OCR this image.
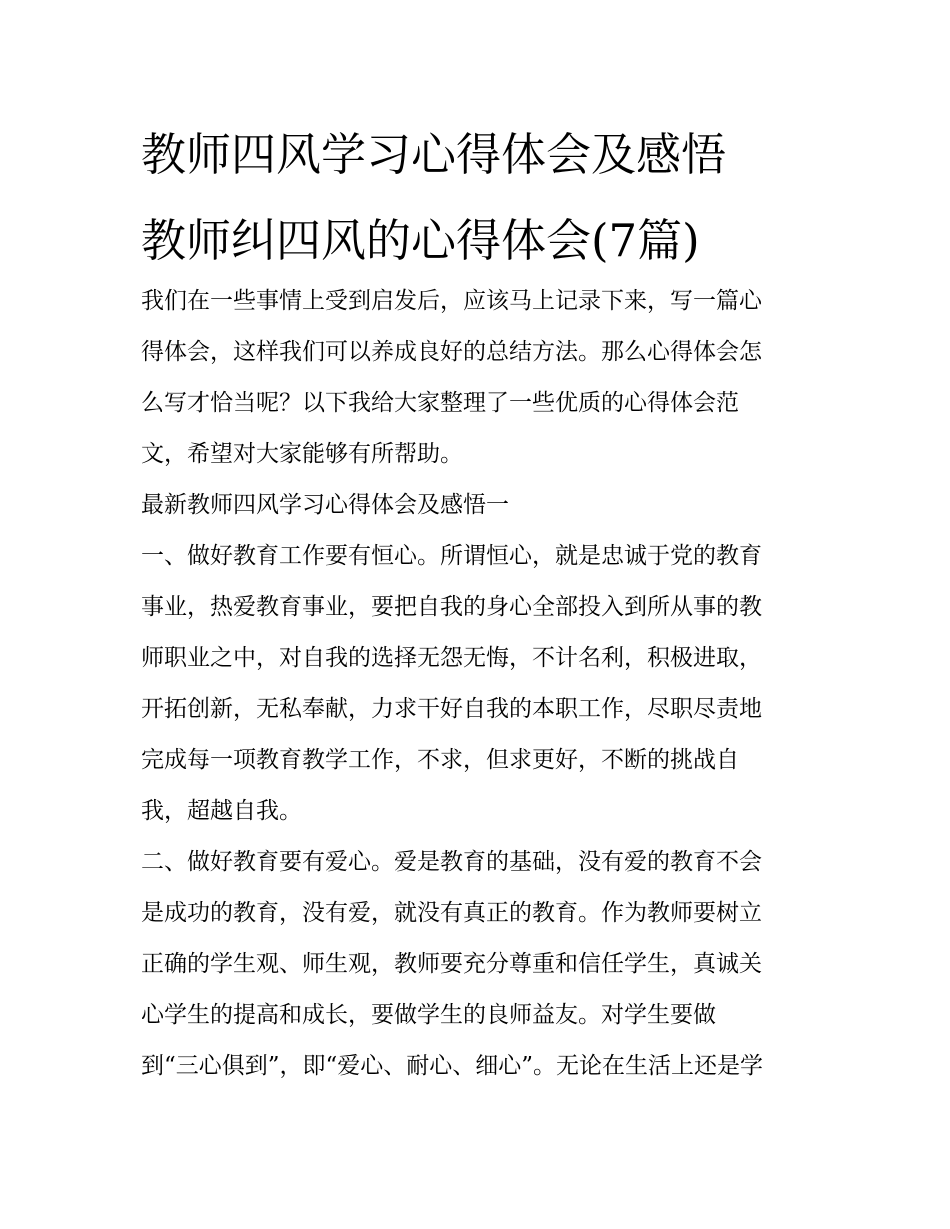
教师四风学习心得体会及感悟
教师纠四风的心得体会(7篇)
我们在一些事情上受到启发后，应该马上记录下来，写一篇心
得体会，这样我们可以养成良好的总结方法。那么心得体会怎
么写才恰当呢？以下我给大家整理了一些优质的心得体会范
文，希望对大家能够有所帮助。
最新教师四风学习心得体会及感悟一
一、做好教育工作要有恒心。所谓恒心，就是忠诚于党的教育
事业，热爱教育事业，要把自我的身心全部投入到所从事的教
师职业之中，对自我的选择无怨无悔，不计名利，积极进取，
开拓创新，无私奉献，力求干好自我的本职工作，尽职尽责地
完成每一项教育教学工作，不求，但求更好，不断的挑战自
我，超越自我。
二、做好教育要有爱心。爱是教育的基础，没有爱的教育不会
是成功的教育，没有爱，就没有真正的教育。作为教师要树立
正确的学生观、师生观，教师要充分尊重和信任学生，真诚关
心学生的提高和成长，要做学生的良师益友。对学生要做
到“三心俱到”，即“爱心、耐心、细心”。无论在生活上还是学
